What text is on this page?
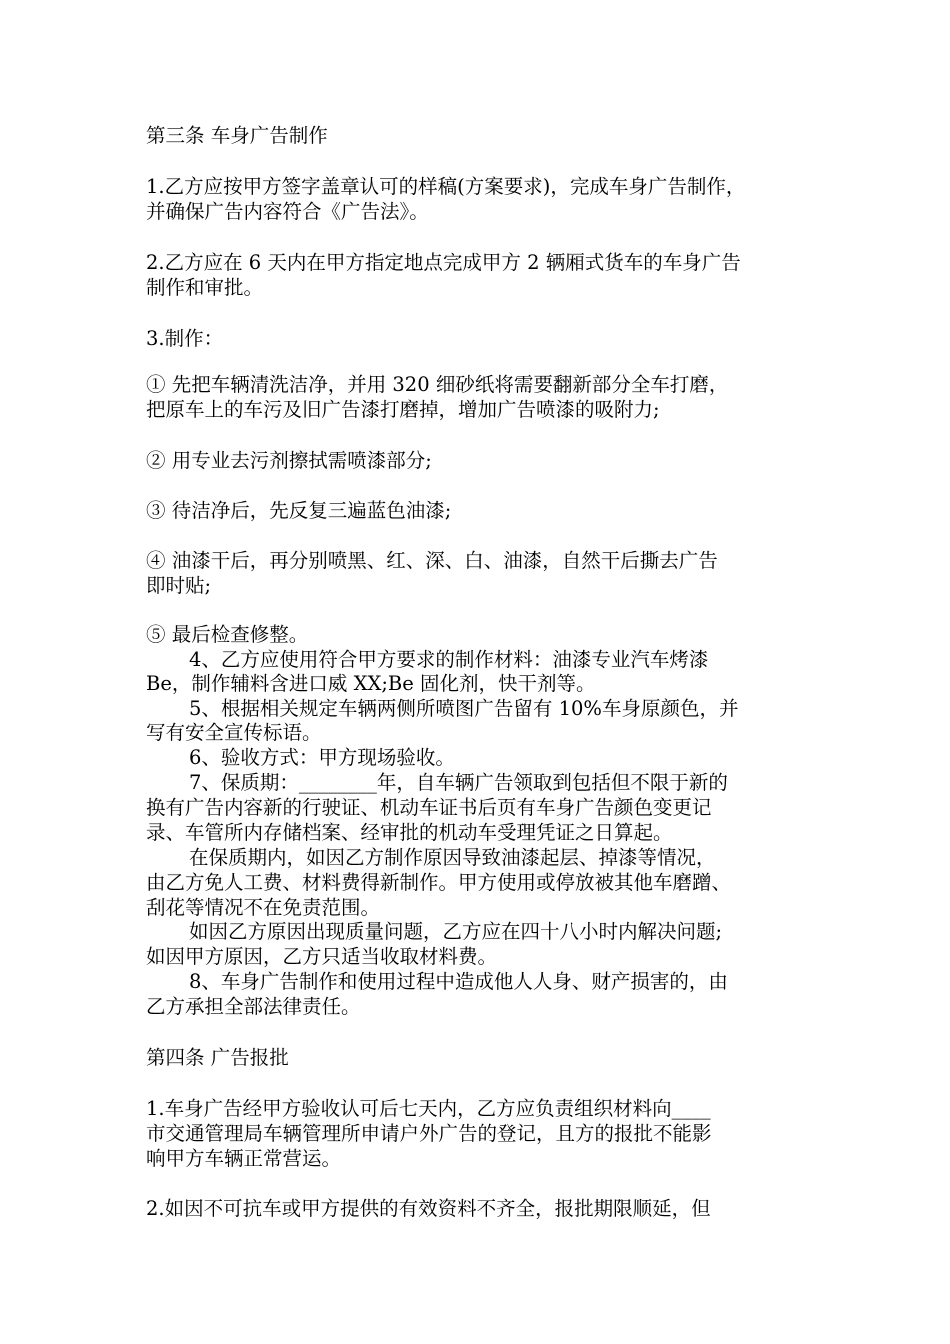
第三条 车身广告制作

1.乙方应按甲方签字盖章认可的样稿(方案要求)，完成车身广告制作，

并确保广告内容符合《广告法》。

2.乙方应在 6 天内在甲方指定地点完成甲方 2 辆厢式货车的车身广告

制作和审批。

3.制作：

① 先把车辆清洗洁净，并用 320 细砂纸将需要翻新部分全车打磨，

把原车上的车污及旧广告漆打磨掉，增加广告喷漆的吸附力;

② 用专业去污剂擦拭需喷漆部分;

③ 待洁净后，先反复三遍蓝色油漆;

④ 油漆干后，再分别喷黑、红、深、白、油漆，自然干后撕去广告

即时贴;

⑤ 最后检查修整。

4、乙方应使用符合甲方要求的制作材料：油漆专业汽车烤漆

Be，制作辅料含进口威 XX;Be 固化剂，快干剂等。

5、根据相关规定车辆两侧所喷图广告留有 10%车身原颜色，并

写有安全宣传标语。

6、验收方式：甲方现场验收。

7、保质期：________年，自车辆广告领取到包括但不限于新的

换有广告内容新的行驶证、机动车证书后页有车身广告颜色变更记

录、车管所内存储档案、经审批的机动车受理凭证之日算起。

在保质期内，如因乙方制作原因导致油漆起层、掉漆等情况，

由乙方免人工费、材料费得新制作。甲方使用或停放被其他车磨蹭、

刮花等情况不在免责范围。

如因乙方原因出现质量问题，乙方应在四十八小时内解决问题;

如因甲方原因，乙方只适当收取材料费。

8、车身广告制作和使用过程中造成他人人身、财产损害的，由

乙方承担全部法律责任。

第四条 广告报批

1.车身广告经甲方验收认可后七天内，乙方应负责组织材料向____

市交通管理局车辆管理所申请户外广告的登记，且方的报批不能影

响甲方车辆正常营运。

2.如因不可抗车或甲方提供的有效资料不齐全，报批期限顺延，但
